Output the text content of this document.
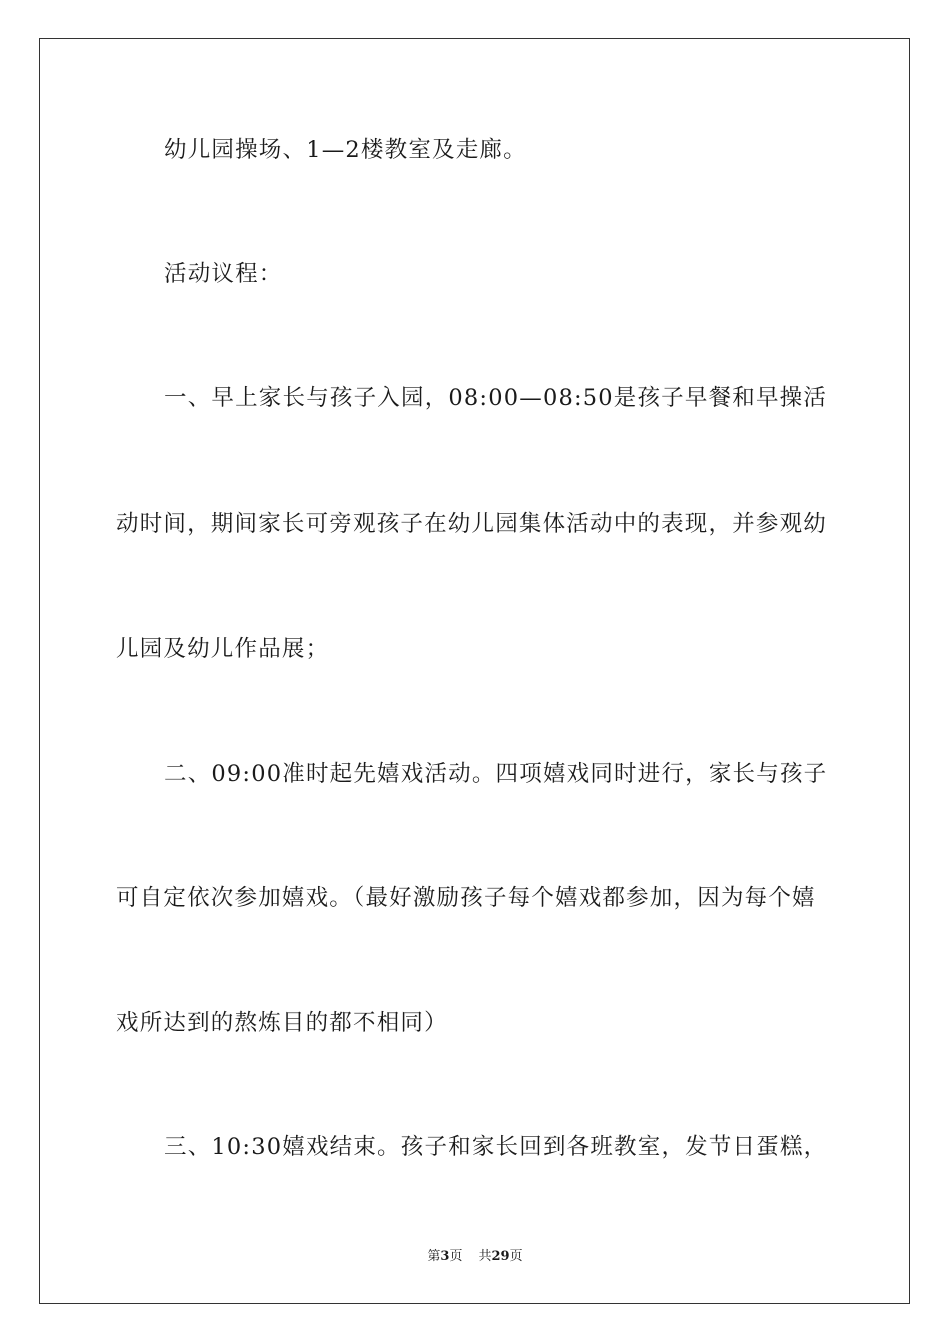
幼儿园操场、1—2楼教室及走廊。
活动议程：
一、早上家长与孩子入园，08:00—08:50是孩子早餐和早操活
动时间，期间家长可旁观孩子在幼儿园集体活动中的表现，并参观幼
儿园及幼儿作品展；
二、09:00准时起先嬉戏活动。四项嬉戏同时进行，家长与孩子
可自定依次参加嬉戏。（最好激励孩子每个嬉戏都参加，因为每个嬉
戏所达到的熬炼目的都不相同）
三、10:30嬉戏结束。孩子和家长回到各班教室，发节日蛋糕，
第3页 共29页
